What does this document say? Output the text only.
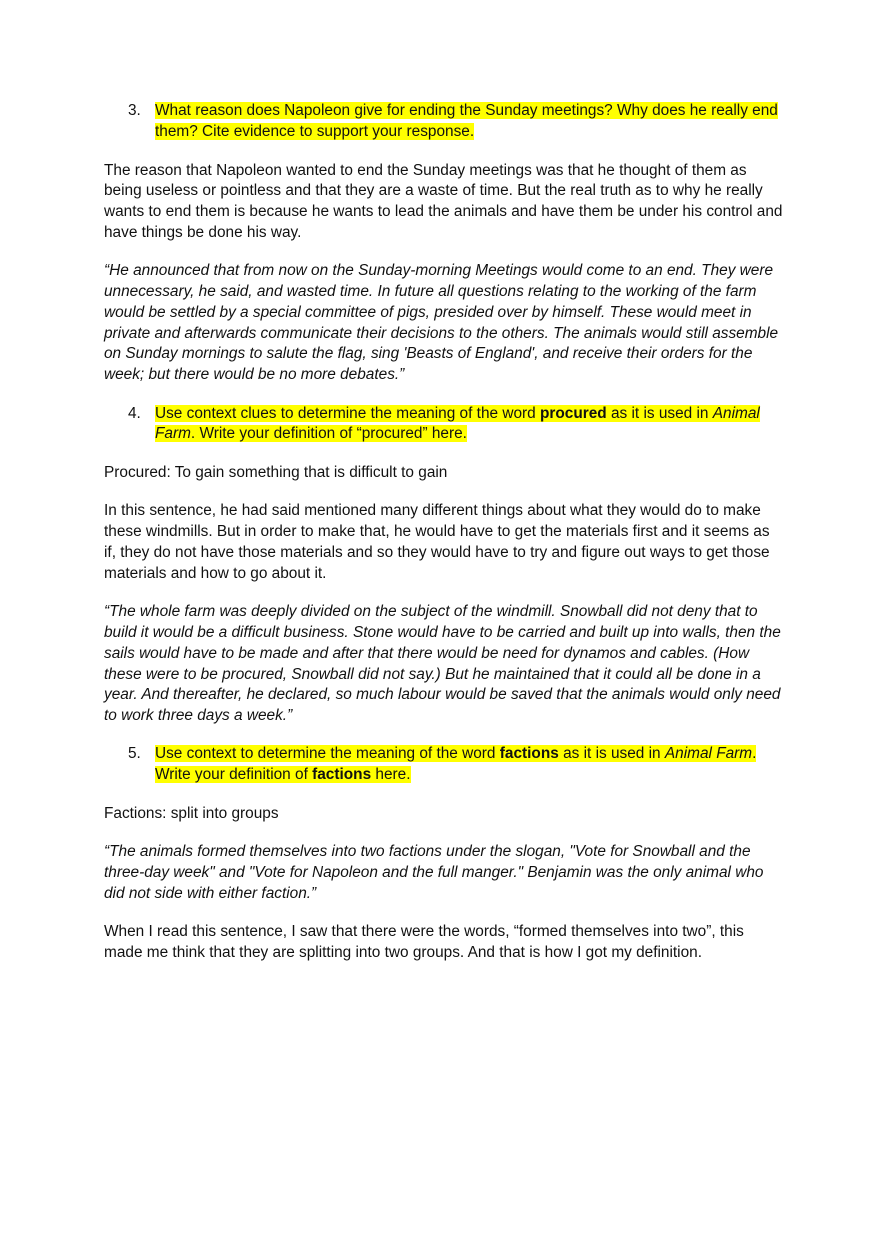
3. What reason does Napoleon give for ending the Sunday meetings? Why does he really end them? Cite evidence to support your response.

The reason that Napoleon wanted to end the Sunday meetings was that he thought of them as being useless or pointless and that they are a waste of time. But the real truth as to why he really wants to end them is because he wants to lead the animals and have them be under his control and have things be done his way.

“He announced that from now on the Sunday-morning Meetings would come to an end. They were unnecessary, he said, and wasted time. In future all questions relating to the working of the farm would be settled by a special committee of pigs, presided over by himself. These would meet in private and afterwards communicate their decisions to the others. The animals would still assemble on Sunday mornings to salute the flag, sing 'Beasts of England', and receive their orders for the week; but there would be no more debates.”

4. Use context clues to determine the meaning of the word procured as it is used in Animal Farm. Write your definition of “procured” here.

Procured: To gain something that is difficult to gain

In this sentence, he had said mentioned many different things about what they would do to make these windmills. But in order to make that, he would have to get the materials first and it seems as if, they do not have those materials and so they would have to try and figure out ways to get those materials and how to go about it.

“The whole farm was deeply divided on the subject of the windmill. Snowball did not deny that to build it would be a difficult business. Stone would have to be carried and built up into walls, then the sails would have to be made and after that there would be need for dynamos and cables. (How these were to be procured, Snowball did not say.) But he maintained that it could all be done in a year. And thereafter, he declared, so much labour would be saved that the animals would only need to work three days a week.”

5. Use context to determine the meaning of the word factions as it is used in Animal Farm. Write your definition of factions here.

Factions: split into groups

“The animals formed themselves into two factions under the slogan, "Vote for Snowball and the three-day week" and "Vote for Napoleon and the full manger." Benjamin was the only animal who did not side with either faction.”

When I read this sentence, I saw that there were the words, “formed themselves into two”, this made me think that they are splitting into two groups. And that is how I got my definition.
